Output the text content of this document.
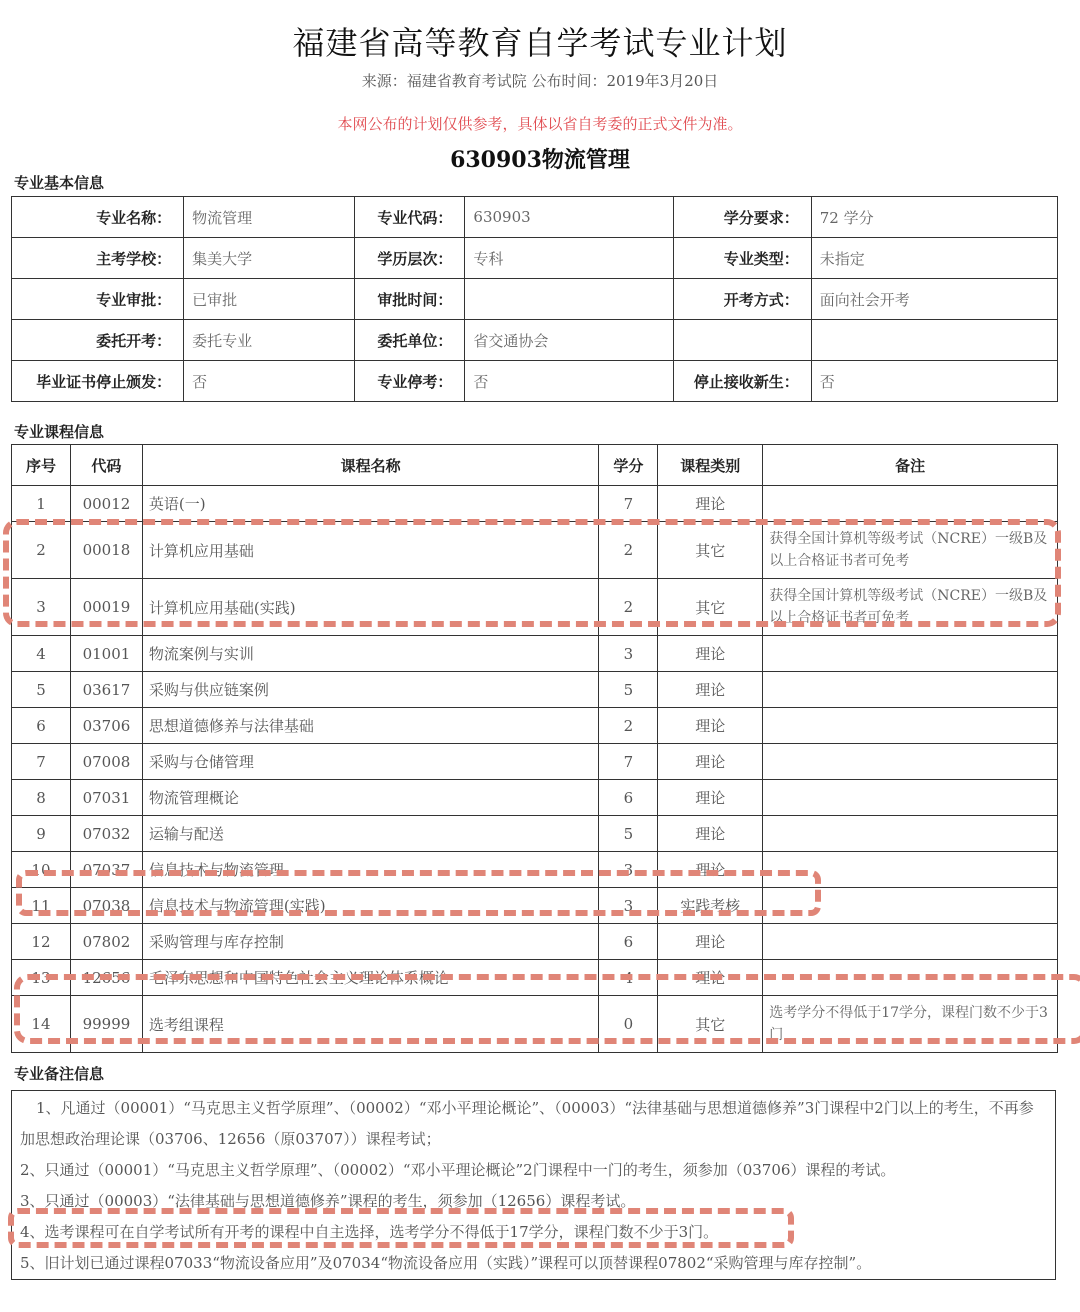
福建省高等教育自学考试专业计划
来源：福建省教育考试院 公布时间：2019年3月20日
本网公布的计划仅供参考，具体以省自考委的正式文件为准。
630903物流管理
专业基本信息
专业名称：	物流管理	专业代码：	630903	学分要求：	72 学分
主考学校：	集美大学	学历层次：	专科	专业类型：	未指定
专业审批：	已审批	审批时间：		开考方式：	面向社会开考
委托开考：	委托专业	委托单位：	省交通协会		
毕业证书停止颁发：	否	专业停考：	否	停止接收新生：	否
专业课程信息
序号	代码	课程名称	学分	课程类别	备注
1	00012	英语(一)	7	理论	
2	00018	计算机应用基础	2	其它	获得全国计算机等级考试（NCRE）一级B及以上合格证书者可免考
3	00019	计算机应用基础(实践)	2	其它	获得全国计算机等级考试（NCRE）一级B及以上合格证书者可免考
4	01001	物流案例与实训	3	理论	
5	03617	采购与供应链案例	5	理论	
6	03706	思想道德修养与法律基础	2	理论	
7	07008	采购与仓储管理	7	理论	
8	07031	物流管理概论	6	理论	
9	07032	运输与配送	5	理论	
10	07037	信息技术与物流管理	3	理论	
11	07038	信息技术与物流管理(实践)	3	实践考核	
12	07802	采购管理与库存控制	6	理论	
13	12656	毛泽东思想和中国特色社会主义理论体系概论	4	理论	
14	99999	选考组课程	0	其它	选考学分不得低于17学分，课程门数不少于3门
专业备注信息
1、凡通过（00001）“马克思主义哲学原理”、（00002）“邓小平理论概论”、（00003）“法律基础与思想道德修养”3门课程中2门以上的考生，不再参加思想政治理论课（03706、12656（原03707））课程考试；
2、只通过（00001）“马克思主义哲学原理”、（00002）“邓小平理论概论”2门课程中一门的考生，须参加（03706）课程的考试。
3、只通过（00003）“法律基础与思想道德修养”课程的考生，须参加（12656）课程考试。
4、选考课程可在自学考试所有开考的课程中自主选择，选考学分不得低于17学分，课程门数不少于3门。
5、旧计划已通过课程07033“物流设备应用”及07034“物流设备应用（实践）”课程可以顶替课程07802“采购管理与库存控制”。
